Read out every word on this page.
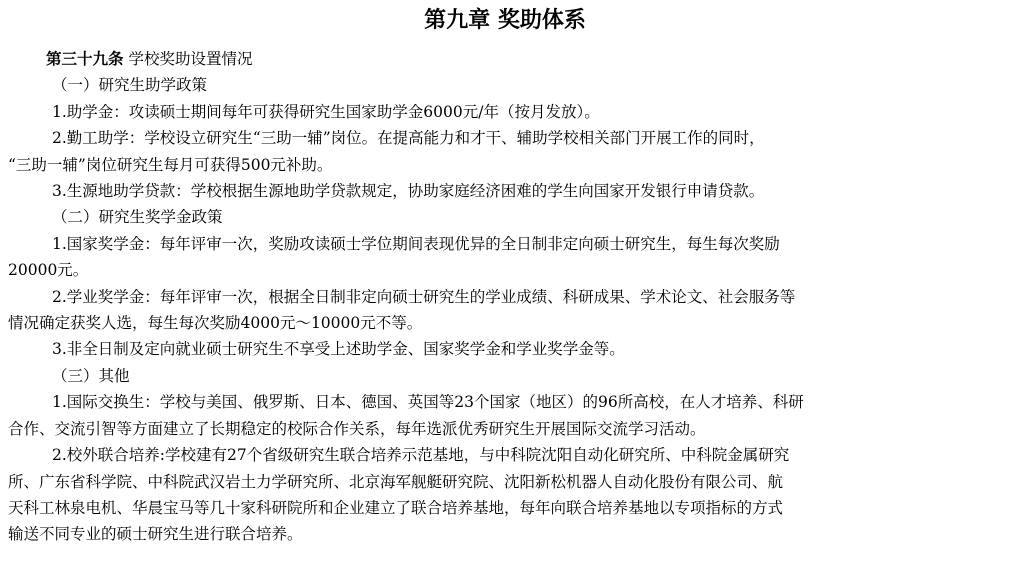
第九章 奖助体系

第三十九条 学校奖助设置情况

（一）研究生助学政策

1.助学金：攻读硕士期间每年可获得研究生国家助学金6000元/年（按月发放）。

2.勤工助学：学校设立研究生“三助一辅”岗位。在提高能力和才干、辅助学校相关部门开展工作的同时，

“三助一辅”岗位研究生每月可获得500元补助。

3.生源地助学贷款：学校根据生源地助学贷款规定，协助家庭经济困难的学生向国家开发银行申请贷款。

（二）研究生奖学金政策

1.国家奖学金：每年评审一次，奖励攻读硕士学位期间表现优异的全日制非定向硕士研究生，每生每次奖励

20000元。

2.学业奖学金：每年评审一次，根据全日制非定向硕士研究生的学业成绩、科研成果、学术论文、社会服务等

情况确定获奖人选，每生每次奖励4000元～10000元不等。

3.非全日制及定向就业硕士研究生不享受上述助学金、国家奖学金和学业奖学金等。

（三）其他

1.国际交换生：学校与美国、俄罗斯、日本、德国、英国等23个国家（地区）的96所高校，在人才培养、科研

合作、交流引智等方面建立了长期稳定的校际合作关系，每年选派优秀研究生开展国际交流学习活动。

2.校外联合培养:学校建有27个省级研究生联合培养示范基地，与中科院沈阳自动化研究所、中科院金属研究

所、广东省科学院、中科院武汉岩土力学研究所、北京海军舰艇研究院、沈阳新松机器人自动化股份有限公司、航

天科工林泉电机、华晨宝马等几十家科研院所和企业建立了联合培养基地，每年向联合培养基地以专项指标的方式

输送不同专业的硕士研究生进行联合培养。
